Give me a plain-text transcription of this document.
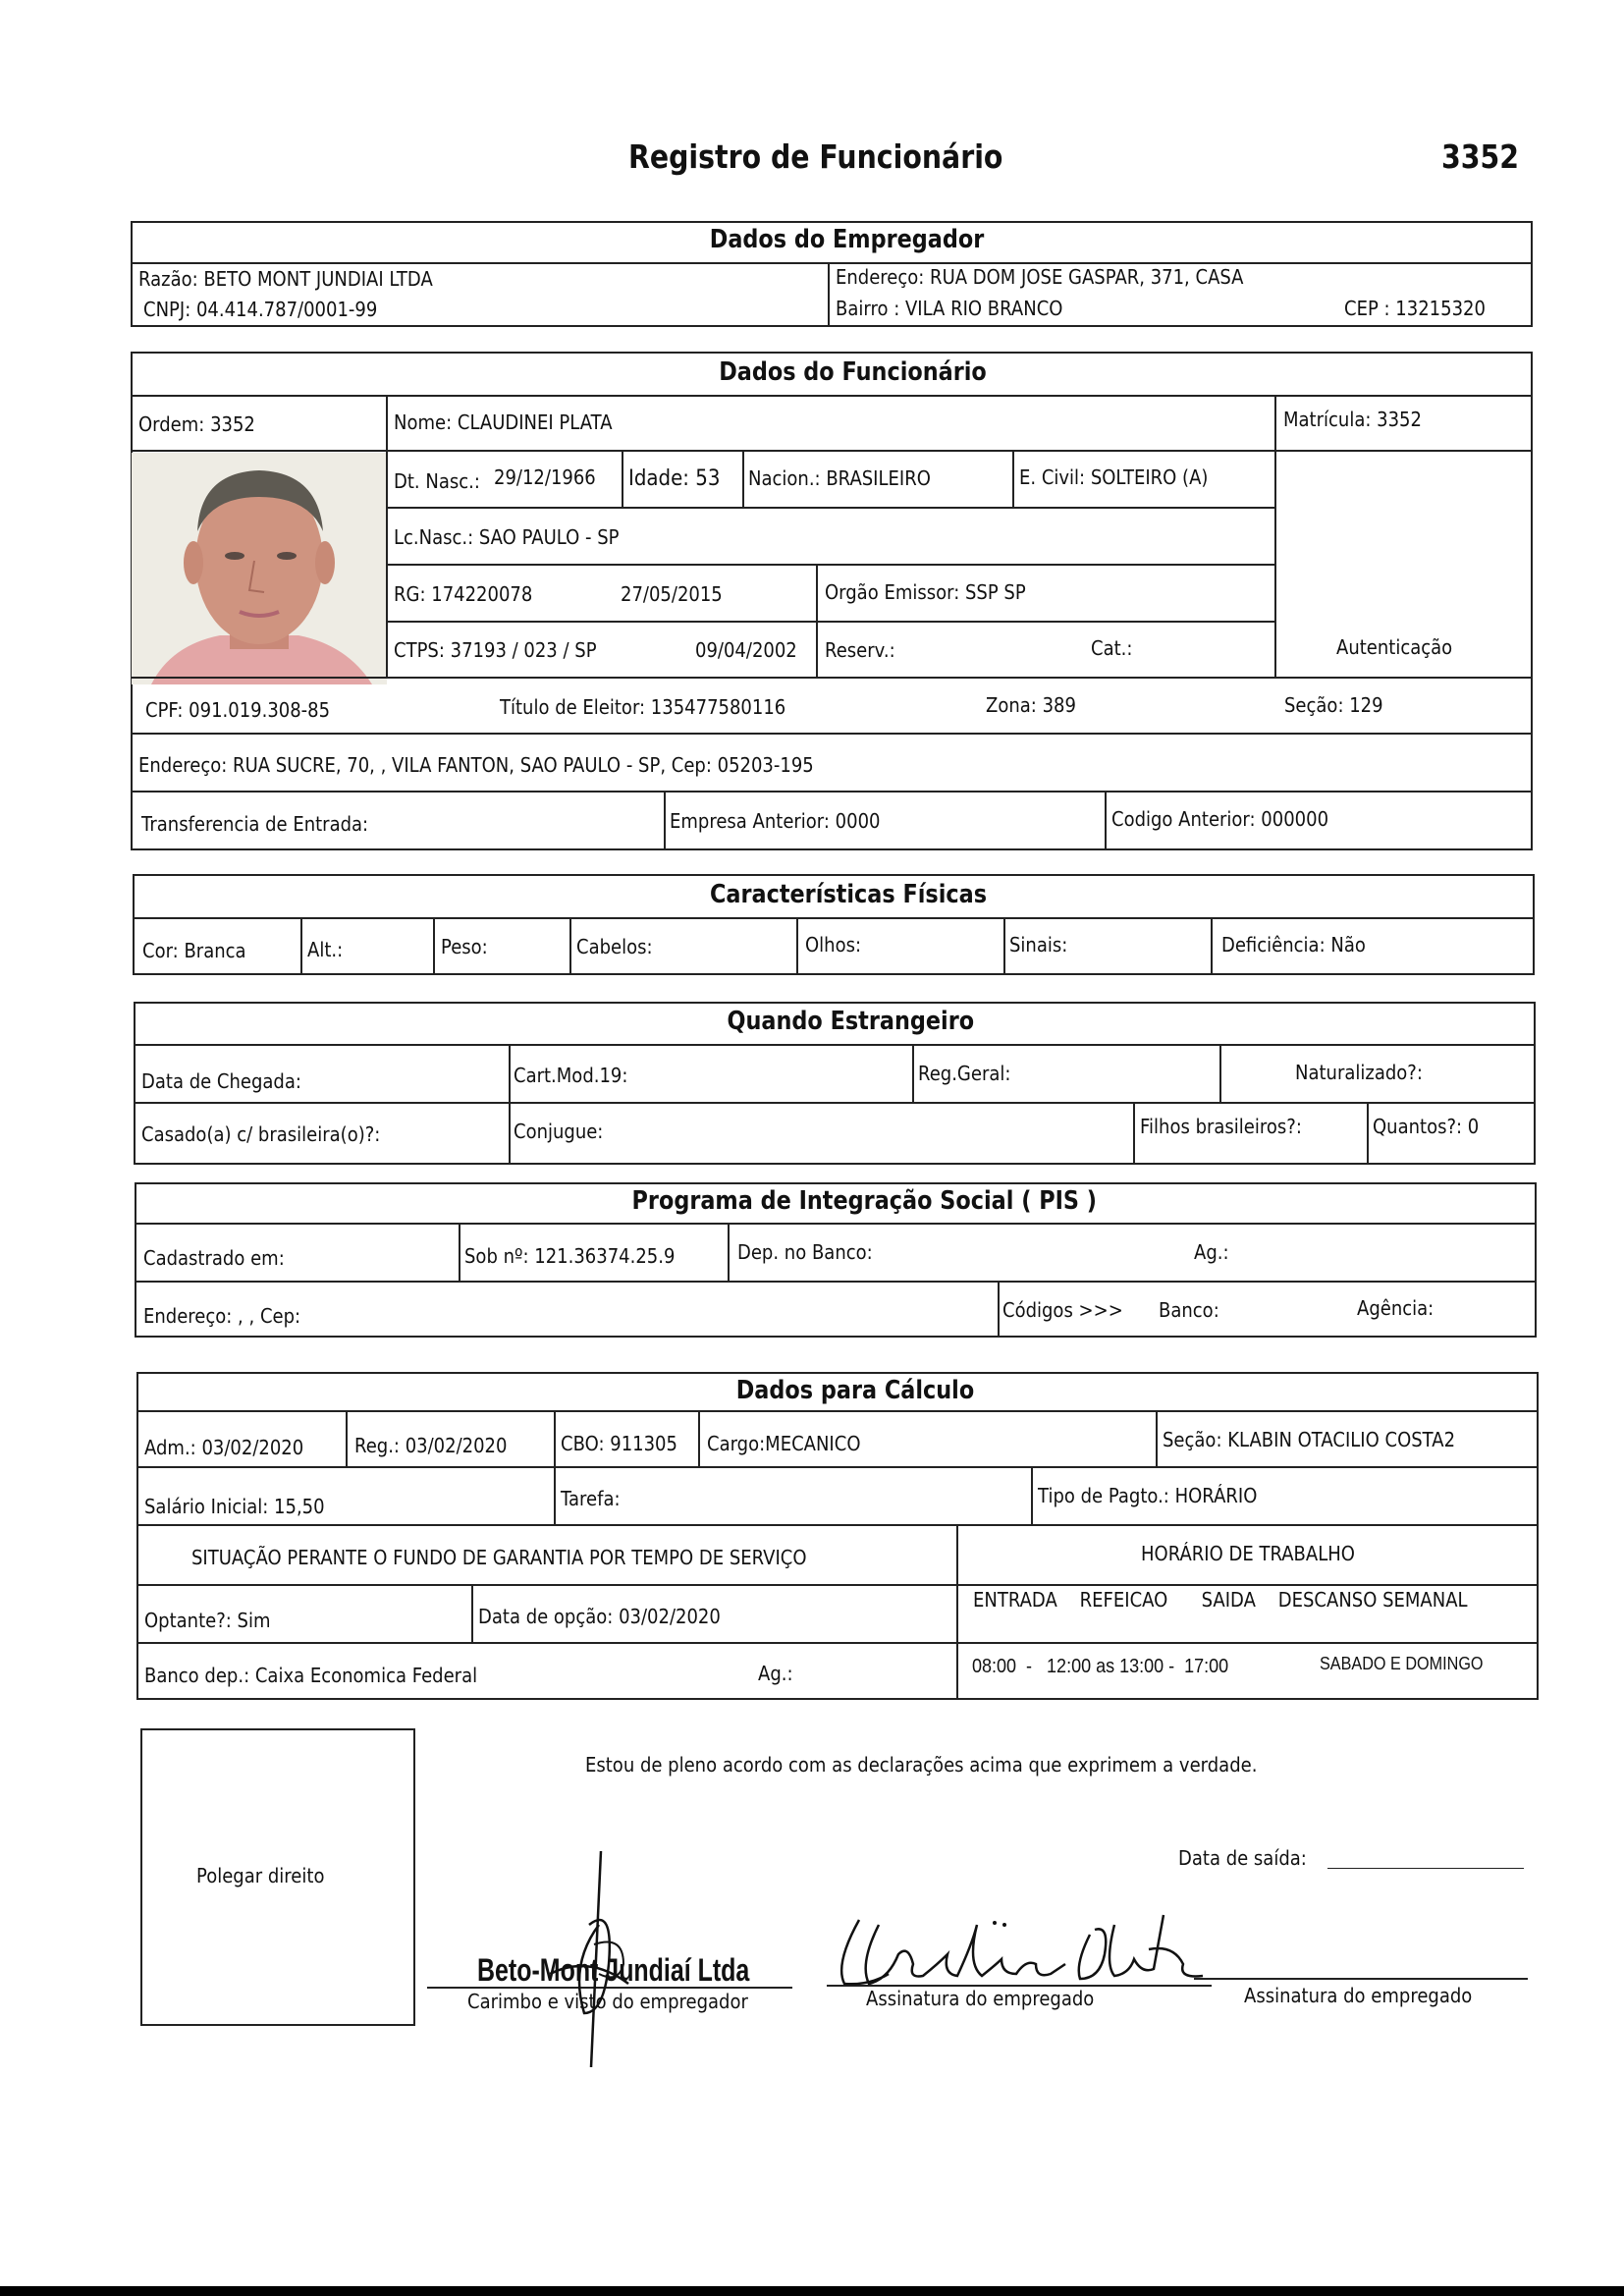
Registro de Funcionário	3352
Dados do Empregador
Razão: BETO MONT JUNDIAI LTDA
CNPJ: 04.414.787/0001-99
Endereço: RUA DOM JOSE GASPAR, 371, CASA
Bairro : VILA RIO BRANCO	CEP : 13215320
Dados do Funcionário
Ordem: 3352	Nome: CLAUDINEI PLATA	Matrícula: 3352
Dt. Nasc.: 29/12/1966 Idade: 53 Nacion.: BRASILEIRO	E. Civil: SOLTEIRO (A)
Lc.Nasc.: SAO PAULO - SP
RG: 174220078	27/05/2015	Orgão Emissor: SSP SP
CTPS: 37193 / 023 / SP	09/04/2002 Reserv.:	Cat.:	Autenticação
CPF: 091.019.308-85	Título de Eleitor: 135477580116	Zona: 389	Seção: 129
Endereço: RUA SUCRE, 70, , VILA FANTON, SAO PAULO - SP, Cep: 05203-195
Transferencia de Entrada:	Empresa Anterior: 0000	Codigo Anterior: 000000
Características Físicas
Cor: Branca	Alt.:	Peso:	Cabelos:	Olhos:	Sinais:	Deficiência: Não
Quando Estrangeiro
Data de Chegada:	Cart.Mod.19:	Reg.Geral:	Naturalizado?:
Casado(a) c/ brasileira(o)?:	Conjugue:	Filhos brasileiros?:	Quantos?: 0
Programa de Integração Social ( PIS )
Cadastrado em:	Sob nº: 121.36374.25.9	Dep. no Banco:	Ag.:
Endereço: , , Cep:	Códigos >>> Banco:	Agência:
Dados para Cálculo
Adm.: 03/02/2020	Reg.: 03/02/2020	CBO: 911305 Cargo:MECANICO	Seção: KLABIN OTACILIO COSTA2
Salário Inicial: 15,50	Tarefa:	Tipo de Pagto.: HORÁRIO
SITUAÇÃO PERANTE O FUNDO DE GARANTIA POR TEMPO DE SERVIÇO	HORÁRIO DE TRABALHO
Optante?: Sim	Data de opção: 03/02/2020
ENTRADA    REFEICAO      SAIDA    DESCANSO SEMANAL
Banco dep.: Caixa Economica Federal	Ag.:	08:00  -   12:00 as 13:00 -  17:00	SABADO E DOMINGO
Polegar direito
Estou de pleno acordo com as declarações acima que exprimem a verdade.
Data de saída:
Beto-Mont Jundiaí Ltda
Carimbo e visto do empregador	Assinatura do empregado	Assinatura do empregado
